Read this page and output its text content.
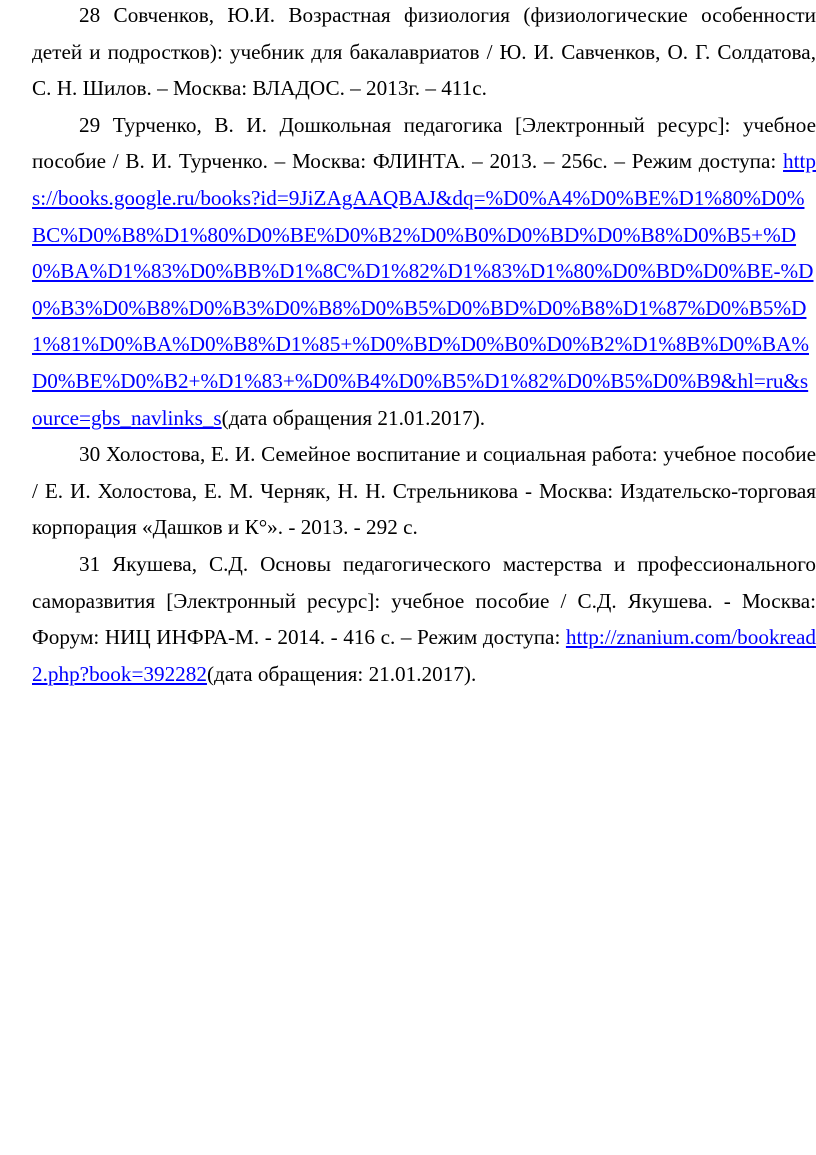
28 Совченков, Ю.И. Возрастная физиология (физиологические особенности детей и подростков): учебник для бакалавриатов / Ю. И. Савченков, О. Г. Солдатова, С. Н. Шилов. – Москва: ВЛАДОС. – 2013г. – 411с.

29 Турченко, В. И. Дошкольная педагогика [Электронный ресурс]: учебное пособие / В. И. Турченко. – Москва: ФЛИНТА. – 2013. – 256с. – Режим доступа: https://books.google.ru/books?id=9JiZAgAAQBAJ&dq=%D0%A4%D0%BE%D1%80%D0%BC%D0%B8%D1%80%D0%BE%D0%B2%D0%B0%D0%BD%D0%B8%D0%B5+%D0%BA%D1%83%D0%BB%D1%8C%D1%82%D1%83%D1%80%D0%BD%D0%BE-%D0%B3%D0%B8%D0%B3%D0%B8%D0%B5%D0%BD%D0%B8%D1%87%D0%B5%D1%81%D0%BA%D0%B8%D1%85+%D0%BD%D0%B0%D0%B2%D1%8B%D0%BA%D0%BE%D0%B2+%D1%83+%D0%B4%D0%B5%D1%82%D0%B5%D0%B9&hl=ru&source=gbs_navlinks_s(дата обращения 21.01.2017).

30 Холостова, Е. И. Семейное воспитание и социальная работа: учебное пособие / Е. И. Холостова, Е. М. Черняк, Н. Н. Стрельникова - Москва: Издательско-торговая корпорация «Дашков и К°». - 2013. - 292 с.

31 Якушева, С.Д. Основы педагогического мастерства и профессионального саморазвития [Электронный ресурс]: учебное пособие / С.Д. Якушева. - Москва: Форум: НИЦ ИНФРА-М. - 2014. - 416 с. – Режим доступа: http://znanium.com/bookread2.php?book=392282(дата обращения: 21.01.2017).
